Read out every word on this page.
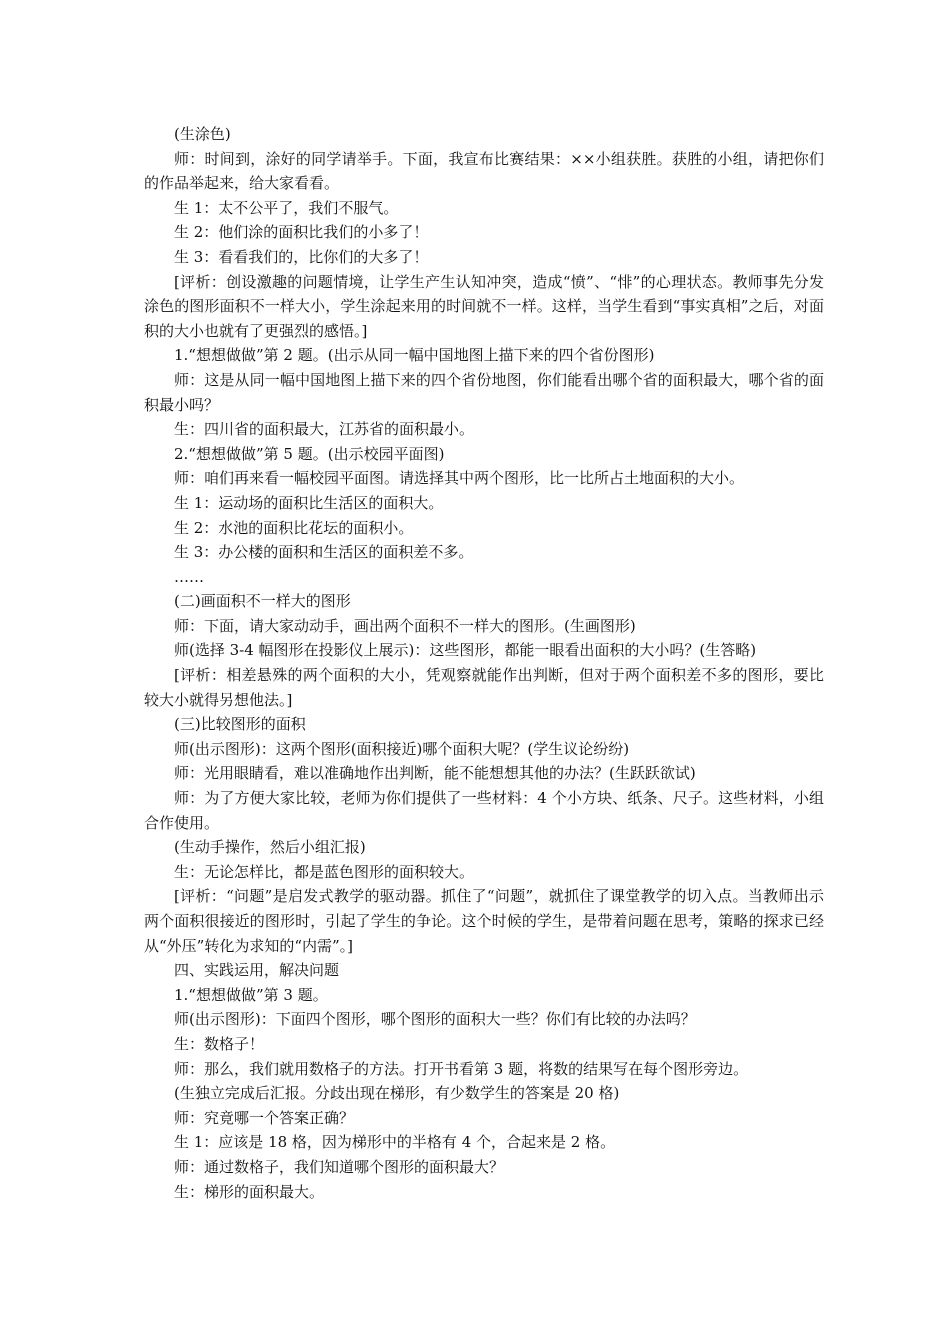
(生涂色)

师：时间到，涂好的同学请举手。下面，我宣布比赛结果：××小组获胜。获胜的小组，请把你们的作品举起来，给大家看看。

生 1：太不公平了，我们不服气。

生 2：他们涂的面积比我们的小多了！

生 3：看看我们的，比你们的大多了！

[评析：创设激趣的问题情境，让学生产生认知冲突，造成“愤”、“悱”的心理状态。教师事先分发涂色的图形面积不一样大小，学生涂起来用的时间就不一样。这样，当学生看到“事实真相”之后，对面积的大小也就有了更强烈的感悟。]

1.“想想做做”第 2 题。(出示从同一幅中国地图上描下来的四个省份图形)

师：这是从同一幅中国地图上描下来的四个省份地图，你们能看出哪个省的面积最大，哪个省的面积最小吗？

生：四川省的面积最大，江苏省的面积最小。

2.“想想做做”第 5 题。(出示校园平面图)

师：咱们再来看一幅校园平面图。请选择其中两个图形，比一比所占土地面积的大小。

生 1：运动场的面积比生活区的面积大。

生 2：水池的面积比花坛的面积小。

生 3：办公楼的面积和生活区的面积差不多。

……

(二)画面积不一样大的图形

师：下面，请大家动动手，画出两个面积不一样大的图形。(生画图形)

师(选择 3-4 幅图形在投影仪上展示)：这些图形，都能一眼看出面积的大小吗？(生答略)

[评析：相差悬殊的两个面积的大小，凭观察就能作出判断，但对于两个面积差不多的图形，要比较大小就得另想他法。]

(三)比较图形的面积

师(出示图形)：这两个图形(面积接近)哪个面积大呢？(学生议论纷纷)

师：光用眼睛看，难以准确地作出判断，能不能想想其他的办法？(生跃跃欲试)

师：为了方便大家比较，老师为你们提供了一些材料：4 个小方块、纸条、尺子。这些材料，小组合作使用。

(生动手操作，然后小组汇报)

生：无论怎样比，都是蓝色图形的面积较大。

[评析：“问题”是启发式教学的驱动器。抓住了“问题”，就抓住了课堂教学的切入点。当教师出示两个面积很接近的图形时，引起了学生的争论。这个时候的学生，是带着问题在思考，策略的探求已经从“外压”转化为求知的“内需”。]

四、实践运用，解决问题

1.“想想做做”第 3 题。

师(出示图形)：下面四个图形，哪个图形的面积大一些？你们有比较的办法吗？

生：数格子！

师：那么，我们就用数格子的方法。打开书看第 3 题，将数的结果写在每个图形旁边。

(生独立完成后汇报。分歧出现在梯形，有少数学生的答案是 20 格)

师：究竟哪一个答案正确？

生 1：应该是 18 格，因为梯形中的半格有 4 个，合起来是 2 格。

师：通过数格子，我们知道哪个图形的面积最大？

生：梯形的面积最大。
